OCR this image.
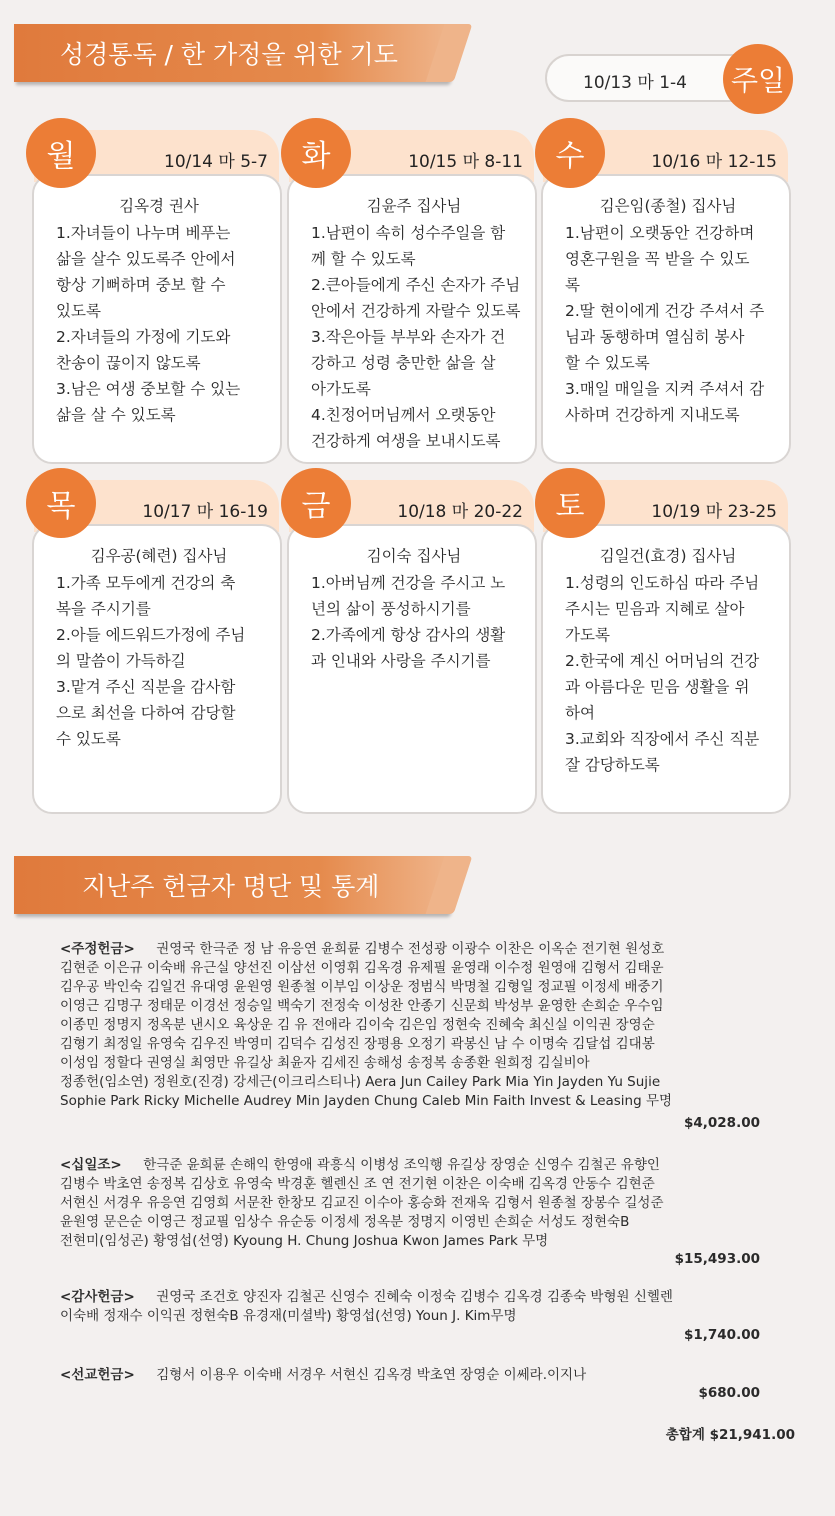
성경통독 / 한 가정을 위한 기도
10/13 마 1-4 주일
월	10/14 마 5-7
김옥경 권사
1.자녀들이 나누며 베푸는
삶을 살수 있도록주 안에서
항상 기뻐하며 중보 할 수
있도록
2.자녀들의 가정에 기도와
찬송이 끊이지 않도록
3.남은 여생 중보할 수 있는
삶을 살 수 있도록
화	10/15 마 8-11
김윤주 집사님
1.남편이 속히 성수주일을 함
께 할 수 있도록
2.큰아들에게 주신 손자가 주님
안에서 건강하게 자랄수 있도록
3.작은아들 부부와 손자가 건
강하고 성령 충만한 삶을 살
아가도록
4.친정어머님께서 오랫동안
건강하게 여생을 보내시도록
수	10/16 마 12-15
김은임(종철) 집사님
1.남편이 오랫동안 건강하며
영혼구원을 꼭 받을 수 있도
록
2.딸 현이에게 건강 주셔서 주
님과 동행하며 열심히 봉사
할 수 있도록
3.매일 매일을 지켜 주셔서 감
사하며 건강하게 지내도록
목	10/17 마 16-19
김우공(혜련) 집사님
1.가족 모두에게 건강의 축
복을 주시기를
2.아들 에드워드가정에 주님
의 말씀이 가득하길
3.맡겨 주신 직분을 감사함
으로 최선을 다하여 감당할
수 있도록
금	10/18 마 20-22
김이숙 집사님
1.아버님께 건강을 주시고 노
년의 삶이 풍성하시기를
2.가족에게 항상 감사의 생활
과 인내와 사랑을 주시기를
토	10/19 마 23-25
김일건(효경) 집사님
1.성령의 인도하심 따라 주님
주시는 믿음과 지혜로 살아
가도록
2.한국에 계신 어머님의 건강
과 아름다운 믿음 생활을 위
하여
3.교회와 직장에서 주신 직분
잘 감당하도록
지난주 헌금자 명단 및 통계
<주정헌금> 권영국 한극준 정 남 유응연 윤희륜 김병수 전성광 이광수 이찬은 이옥순 전기현 원성호
김현준 이은규 이숙배 유근실 양선진 이삼선 이영휘 김옥경 유제필 윤영래 이수정 원영애 김형서 김태운
김우공 박인숙 김일건 유대영 윤원영 원종철 이부임 이상운 정범식 박명철 김형일 정교필 이정세 배중기
이영근 김명구 정태문 이경선 정승일 백숙기 전정숙 이성찬 안종기 신문희 박성부 윤영한 손희순 우수임
이종민 정명지 정옥분 낸시오 육상운 김 유 전애라 김이숙 김은임 정현숙 진혜숙 최신실 이익권 장영순
김형기 최정일 유영숙 김우진 박영미 김덕수 김성진 장평용 오정기 곽봉신 남 수 이명숙 김달섭 김대봉
이성임 정할다 권영실 최영만 유길상 최윤자 김세진 송해성 송정복 송종환 원희정 김실비아
정종헌(임소연) 정원호(진경) 강세근(이크리스티나) Aera Jun Cailey Park Mia Yin Jayden Yu Sujie
Sophie Park Ricky Michelle Audrey Min Jayden Chung Caleb Min Faith Invest & Leasing 무명
$4,028.00
<십일조> 한극준 윤희륜 손해익 한영애 곽흥식 이병성 조익행 유길상 장영순 신영수 김철곤 유향인
김병수 박초연 송정복 김상호 유영숙 박경훈 헬렌신 조 연 전기현 이찬은 이숙배 김옥경 안동수 김현준
서현신 서경우 유응연 김영희 서문찬 한창모 김교진 이수아 홍승화 전재욱 김형서 원종철 장봉수 길성준
윤원영 문은순 이영근 정교필 임상수 유순동 이정세 정옥분 정명지 이영빈 손희순 서성도 정현숙B
전현미(임성곤) 황영섭(선영) Kyoung H. Chung Joshua Kwon James Park 무명
$15,493.00
<감사헌금> 권영국 조건호 양진자 김철곤 신영수 진혜숙 이정숙 김병수 김옥경 김종숙 박형원 신헬렌
이숙배 정재수 이익권 정현숙B 유경재(미셜박) 황영섭(선영) Youn J. Kim무명
$1,740.00
<선교헌금> 김형서 이용우 이숙배 서경우 서현신 김옥경 박초연 장영순 이쎄라.이지나
$680.00
총합계 $21,941.00
